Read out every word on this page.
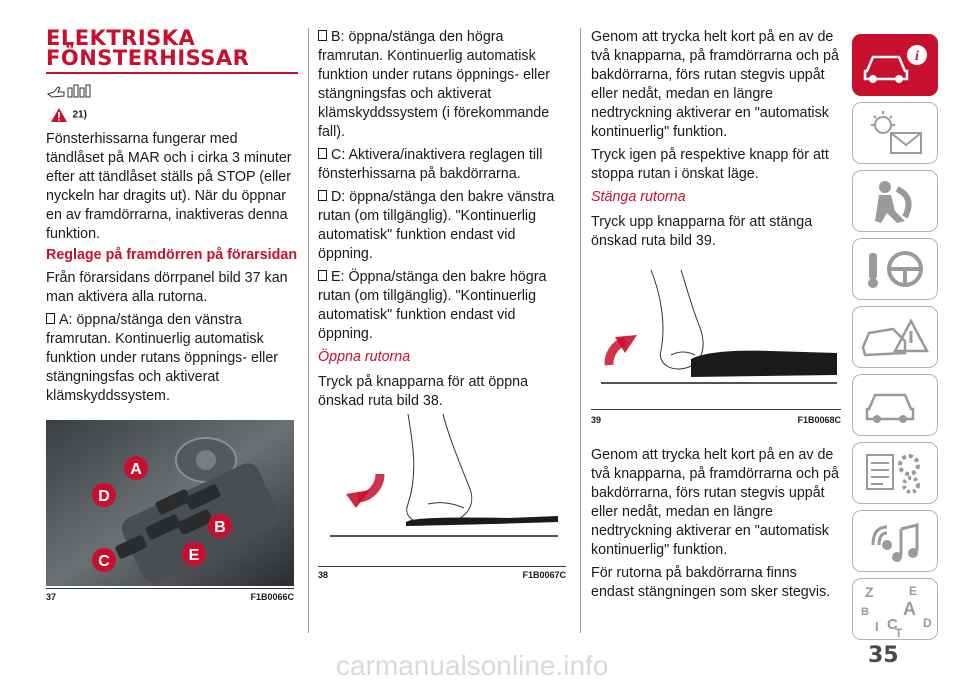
ELEKTRISKA
FÖNSTERHISSAR
21)

Fönsterhissarna fungerar med tändlåset på MAR och i cirka 3 minuter efter att tändlåset ställs på STOP (eller nyckeln har dragits ut). När du öppnar en av framdörrarna, inaktiveras denna funktion.

Reglage på framdörren på förarsidan

Från förarsidans dörrpanel bild 37 kan man aktivera alla rutorna.

A: öppna/stänga den vänstra framrutan. Kontinuerlig automatisk funktion under rutans öppnings- eller stängningsfas och aktiverat klämskyddssystem.

A
D
B
E
C
37	F1B0066C

B: öppna/stänga den högra framrutan. Kontinuerlig automatisk funktion under rutans öppnings- eller stängningsfas och aktiverat klämskyddssystem (i förekommande fall).

C: Aktivera/inaktivera reglagen till fönsterhissarna på bakdörrarna.

D: öppna/stänga den bakre vänstra rutan (om tillgänglig). "Kontinuerlig automatisk" funktion endast vid öppning.

E: Öppna/stänga den bakre högra rutan (om tillgänglig). "Kontinuerlig automatisk" funktion endast vid öppning.

Öppna rutorna

Tryck på knapparna för att öppna önskad ruta bild 38.

38	F1B0067C

Genom att trycka helt kort på en av de två knapparna, på framdörrarna och på bakdörrarna, förs rutan stegvis uppåt eller nedåt, medan en längre nedtryckning aktiverar en "automatisk kontinuerlig" funktion.

Tryck igen på respektive knapp för att stoppa rutan i önskat läge.

Stänga rutorna

Tryck upp knapparna för att stänga önskad ruta bild 39.

39	F1B0068C

Genom att trycka helt kort på en av de två knapparna, på framdörrarna och på bakdörrarna, förs rutan stegvis uppåt eller nedåt, medan en längre nedtryckning aktiverar en "automatisk kontinuerlig" funktion.

För rutorna på bakdörrarna finns endast stängningen som sker stegvis.

i
Z	E
B A
I C
T
D
35
carmanualsonline.info
